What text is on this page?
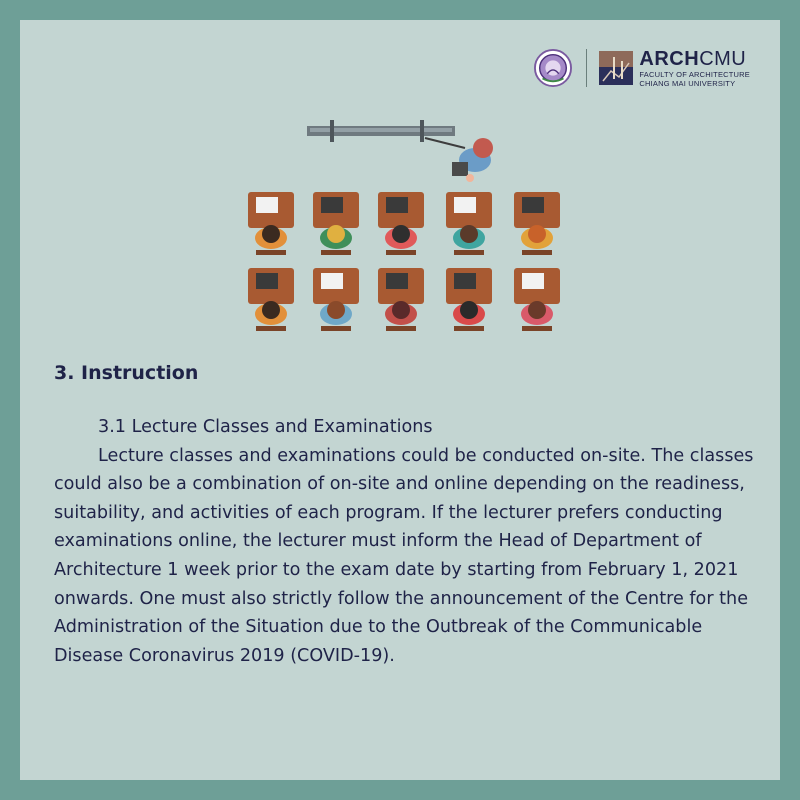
ARCHCMU
FACULTY OF ARCHITECTURE
CHIANG MAI UNIVERSITY
3. Instruction

3.1 Lecture Classes and Examinations

Lecture classes and examinations could be conducted on-site. The classes could also be a combination of on-site and online depending on the readiness, suitability, and activities of each program. If the lecturer prefers conducting examinations online, the lecturer must inform the Head of Department of Architecture 1 week prior to the exam date by starting from February 1, 2021 onwards. One must also strictly follow the announcement of the Centre for the Administration of the Situation due to the Outbreak of the Communicable Disease Coronavirus 2019 (COVID-19).
